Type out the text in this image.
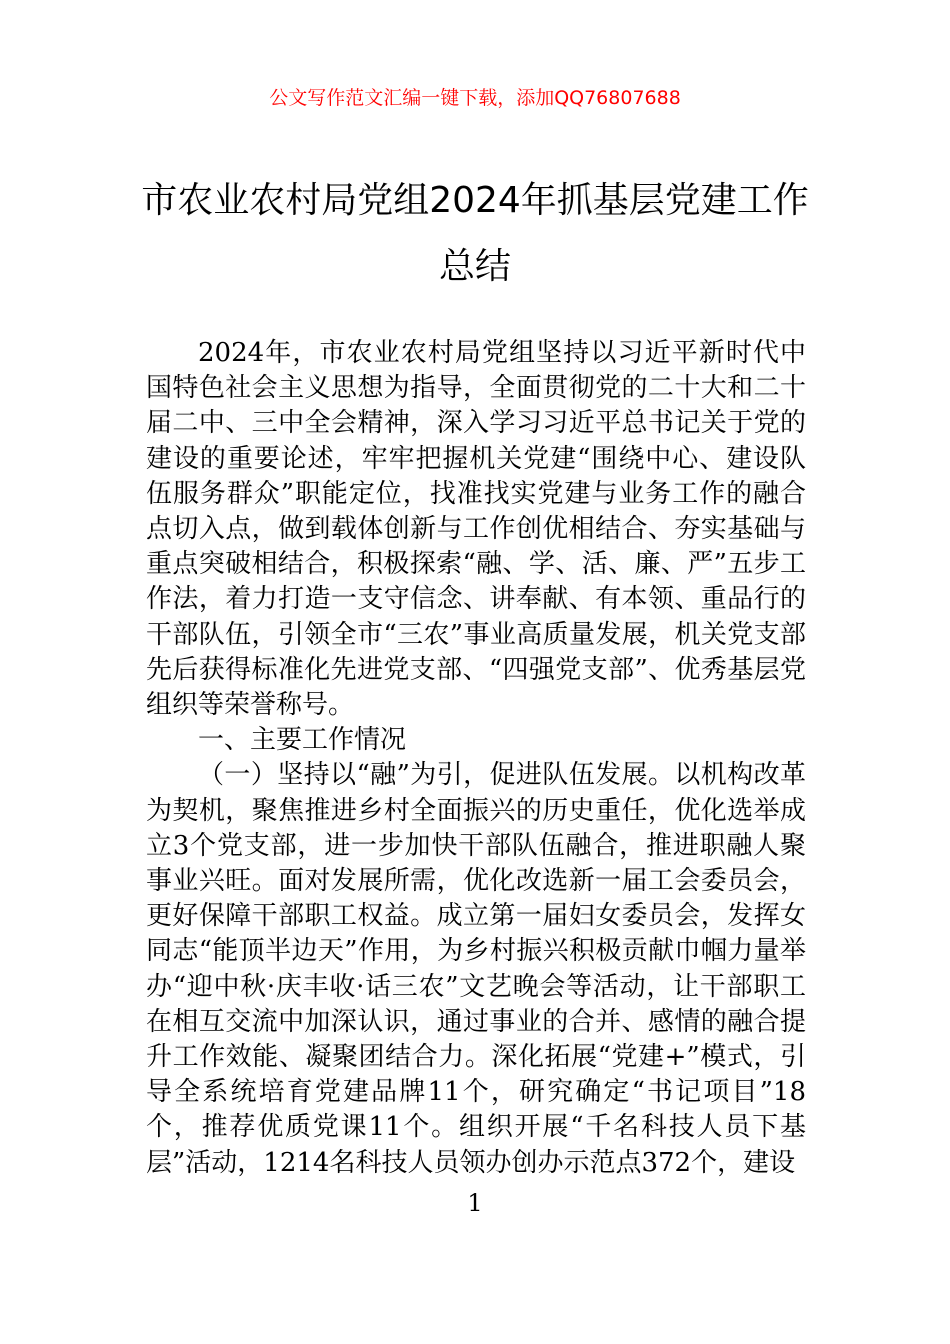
公文写作范文汇编一键下载，添加QQ76807688
市农业农村局党组2024年抓基层党建工作总结

2024年，市农业农村局党组坚持以习近平新时代中国特色社会主义思想为指导，全面贯彻党的二十大和二十届二中、三中全会精神，深入学习习近平总书记关于党的建设的重要论述，牢牢把握机关党建“围绕中心、建设队伍服务群众”职能定位，找准找实党建与业务工作的融合点切入点，做到载体创新与工作创优相结合、夯实基础与重点突破相结合，积极探索“融、学、活、廉、严”五步工作法，着力打造一支守信念、讲奉献、有本领、重品行的干部队伍，引领全市“三农”事业高质量发展，机关党支部先后获得标准化先进党支部、“四强党支部”、优秀基层党组织等荣誉称号。

一、主要工作情况

（一）坚持以“融”为引，促进队伍发展。以机构改革为契机，聚焦推进乡村全面振兴的历史重任，优化选举成立3个党支部，进一步加快干部队伍融合，推进职融人聚事业兴旺。面对发展所需，优化改选新一届工会委员会，更好保障干部职工权益。成立第一届妇女委员会，发挥女同志“能顶半边天”作用，为乡村振兴积极贡献巾帼力量举办“迎中秋·庆丰收·话三农”文艺晚会等活动，让干部职工在相互交流中加深认识，通过事业的合并、感情的融合提升工作效能、凝聚团结合力。深化拓展“党建+”模式，引导全系统培育党建品牌11个，研究确定“书记项目”18个，推荐优质党课11个。组织开展“千名科技人员下基层”活动，1214名科技人员领办创办示范点372个，建设

1
